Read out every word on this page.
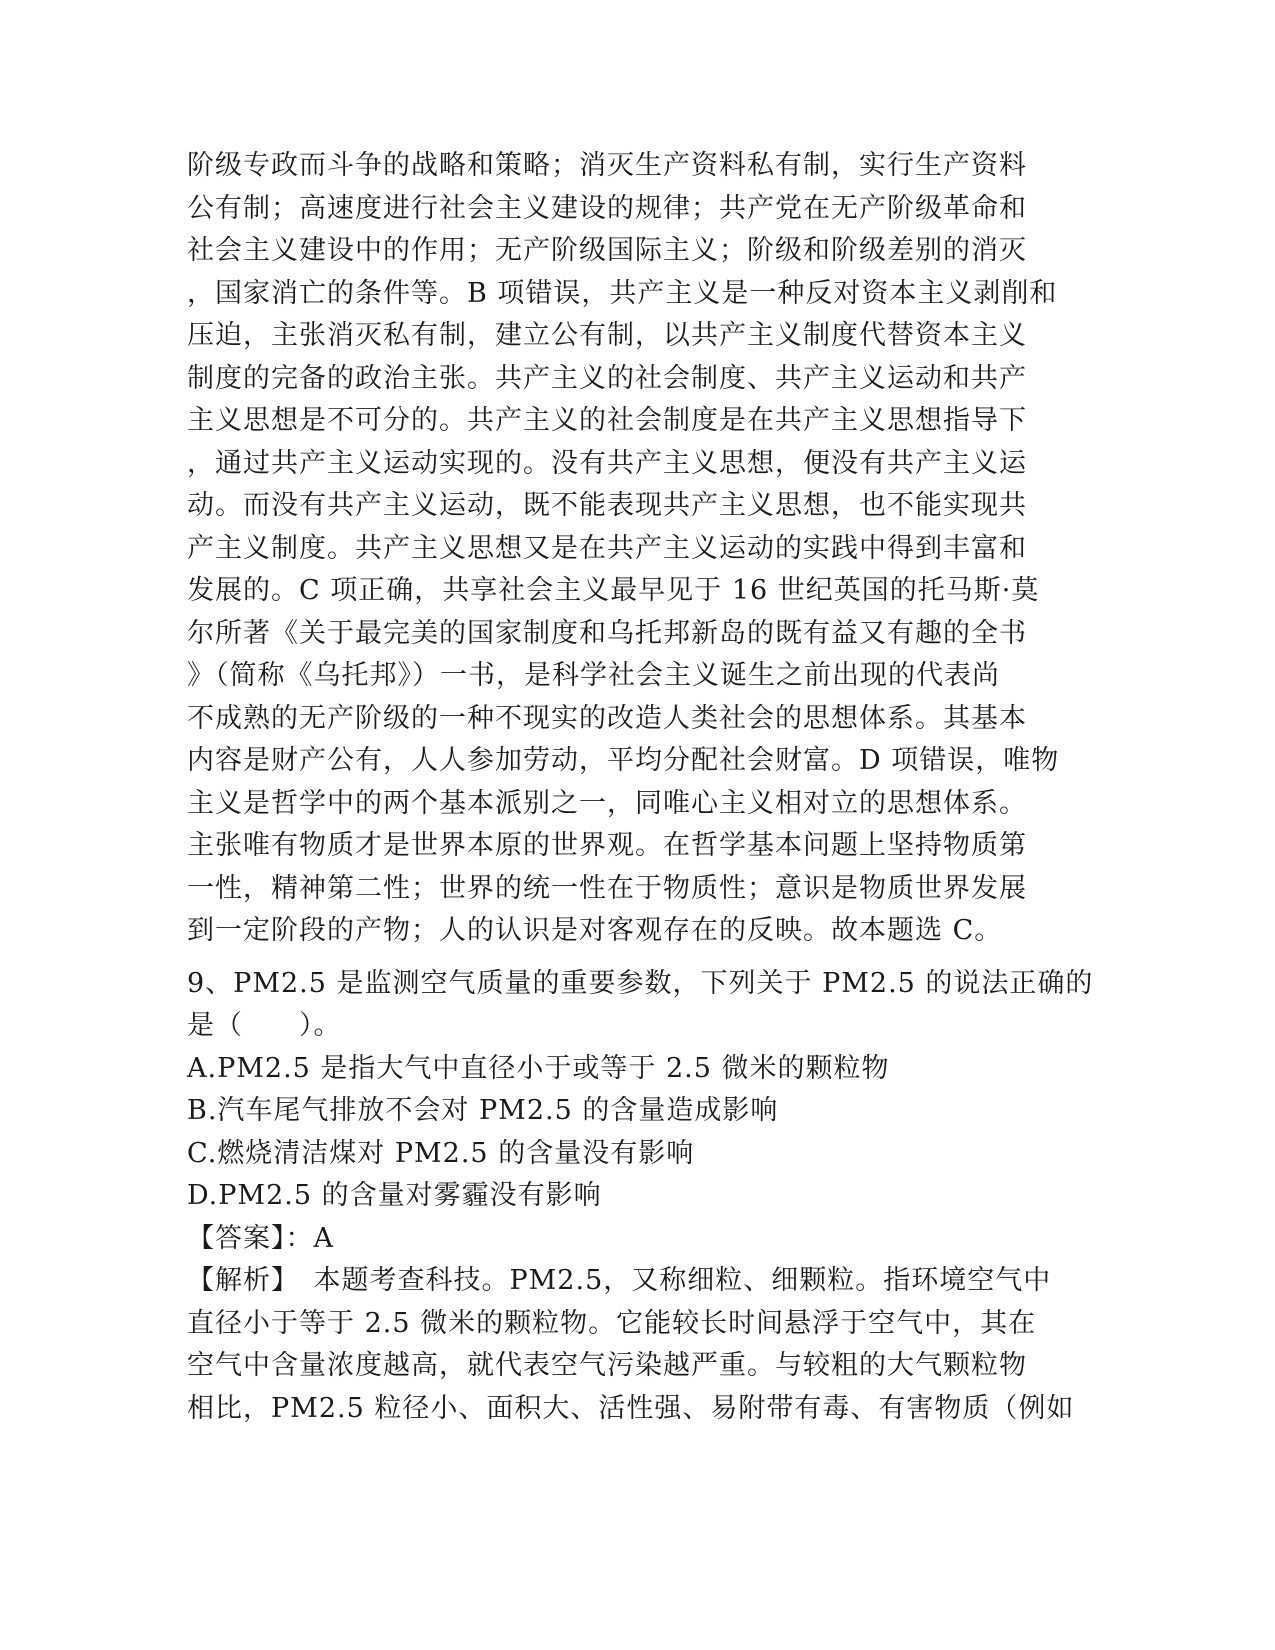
阶级专政而斗争的战略和策略；消灭生产资料私有制，实行生产资料
公有制；高速度进行社会主义建设的规律；共产党在无产阶级革命和
社会主义建设中的作用；无产阶级国际主义；阶级和阶级差别的消灭
，国家消亡的条件等。B 项错误，共产主义是一种反对资本主义剥削和
压迫，主张消灭私有制，建立公有制，以共产主义制度代替资本主义
制度的完备的政治主张。共产主义的社会制度、共产主义运动和共产
主义思想是不可分的。共产主义的社会制度是在共产主义思想指导下
，通过共产主义运动实现的。没有共产主义思想，便没有共产主义运
动。而没有共产主义运动，既不能表现共产主义思想，也不能实现共
产主义制度。共产主义思想又是在共产主义运动的实践中得到丰富和
发展的。C 项正确，共享社会主义最早见于 16 世纪英国的托马斯·莫
尔所著《关于最完美的国家制度和乌托邦新岛的既有益又有趣的全书
》（简称《乌托邦》）一书，是科学社会主义诞生之前出现的代表尚
不成熟的无产阶级的一种不现实的改造人类社会的思想体系。其基本
内容是财产公有，人人参加劳动，平均分配社会财富。D 项错误，唯物
主义是哲学中的两个基本派别之一，同唯心主义相对立的思想体系。
主张唯有物质才是世界本原的世界观。在哲学基本问题上坚持物质第
一性，精神第二性；世界的统一性在于物质性；意识是物质世界发展
到一定阶段的产物；人的认识是对客观存在的反映。故本题选 C。
9、PM2.5 是监测空气质量的重要参数，下列关于 PM2.5 的说法正确的
是（　　）。
A.PM2.5 是指大气中直径小于或等于 2.5 微米的颗粒物
B.汽车尾气排放不会对 PM2.5 的含量造成影响
C.燃烧清洁煤对 PM2.5 的含量没有影响
D.PM2.5 的含量对雾霾没有影响
【答案】：A
【解析】　本题考查科技。PM2.5，又称细粒、细颗粒。指环境空气中
直径小于等于 2.5 微米的颗粒物。它能较长时间悬浮于空气中，其在
空气中含量浓度越高，就代表空气污染越严重。与较粗的大气颗粒物
相比，PM2.5 粒径小、面积大、活性强、易附带有毒、有害物质（例如
